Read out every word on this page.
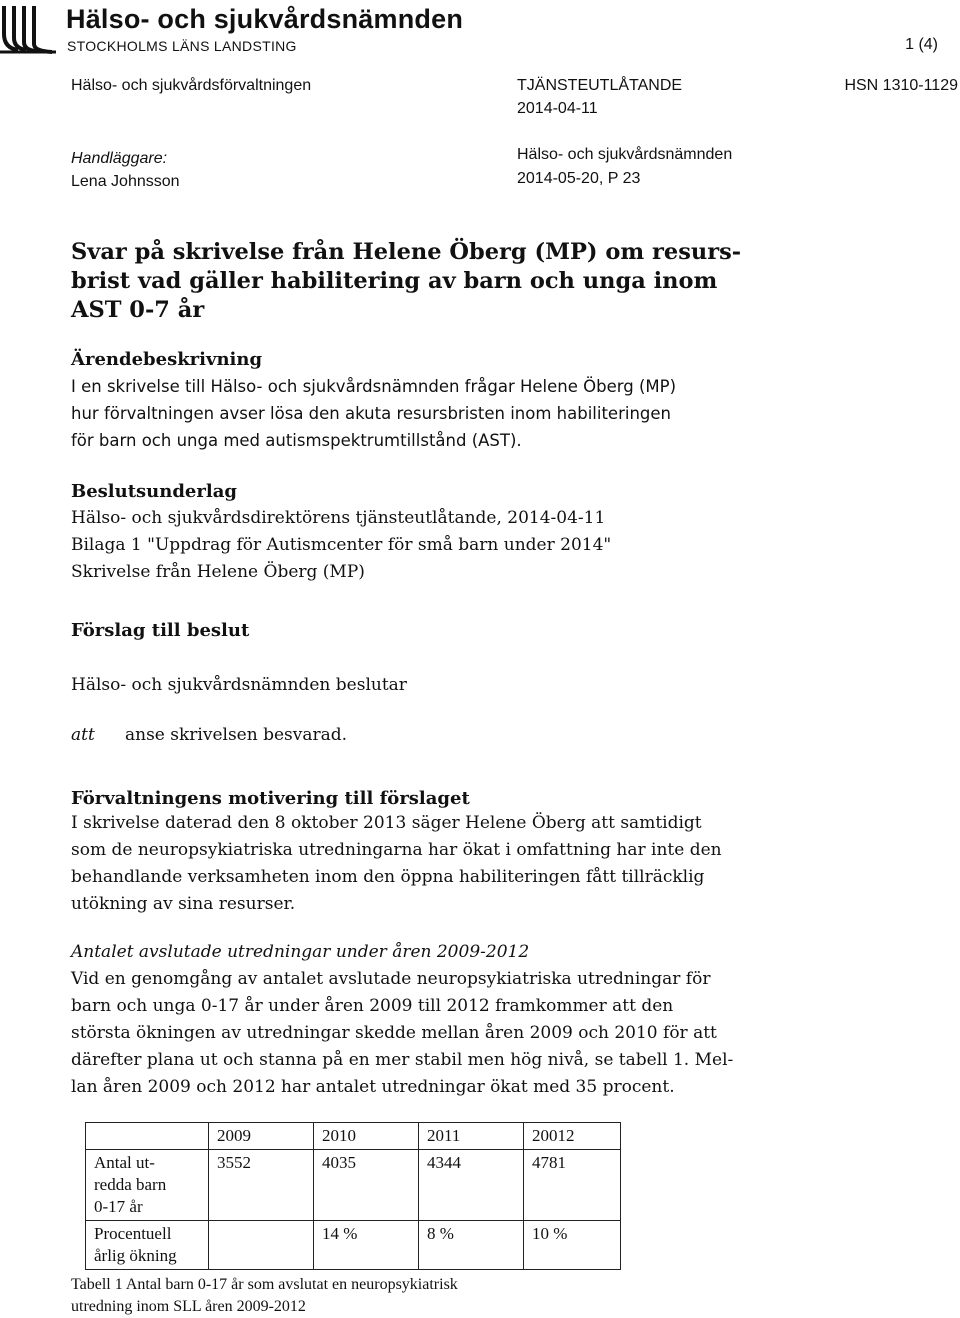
Hälso- och sjukvårdsnämnden
STOCKHOLMS LÄNS LANDSTING	1 (4)
Hälso- och sjukvårdsförvaltningen	TJÄNSTEUTLÅTANDE
2014-04-11
HSN 1310-1129
Handläggare:
Lena Johnsson
Hälso- och sjukvårdsnämnden
2014-05-20, P 23
Svar på skrivelse från Helene Öberg (MP) om resurs-
brist vad gäller habilitering av barn och unga inom
AST 0-7 år
Ärendebeskrivning

I en skrivelse till Hälso- och sjukvårdsnämnden frågar Helene Öberg (MP)
hur förvaltningen avser lösa den akuta resursbristen inom habiliteringen
för barn och unga med autismspektrumtillstånd (AST).

Beslutsunderlag

Hälso- och sjukvårdsdirektörens tjänsteutlåtande, 2014-04-11
Bilaga 1 "Uppdrag för Autismcenter för små barn under 2014"
Skrivelse från Helene Öberg (MP)

Förslag till beslut
Hälso- och sjukvårdsnämnden beslutar
att anse skrivelsen besvarad.
Förvaltningens motivering till förslaget

I skrivelse daterad den 8 oktober 2013 säger Helene Öberg att samtidigt
som de neuropsykiatriska utredningarna har ökat i omfattning har inte den
behandlande verksamheten inom den öppna habiliteringen fått tillräcklig
utökning av sina resurser.

Antalet avslutade utredningar under åren 2009-2012

Vid en genomgång av antalet avslutade neuropsykiatriska utredningar för
barn och unga 0-17 år under åren 2009 till 2012 framkommer att den
största ökningen av utredningar skedde mellan åren 2009 och 2010 för att
därefter plana ut och stanna på en mer stabil men hög nivå, se tabell 1. Mel-
lan åren 2009 och 2012 har antalet utredningar ökat med 35 procent.

	2009	2010	2011	20012
Antal ut-
redda barn
0-17 år	3552	4035	4344	4781
Procentuell
årlig ökning		14 %	8 %	10 %
Tabell 1 Antal barn 0-17 år som avslutat en neuropsykiatrisk
utredning inom SLL åren 2009-2012
